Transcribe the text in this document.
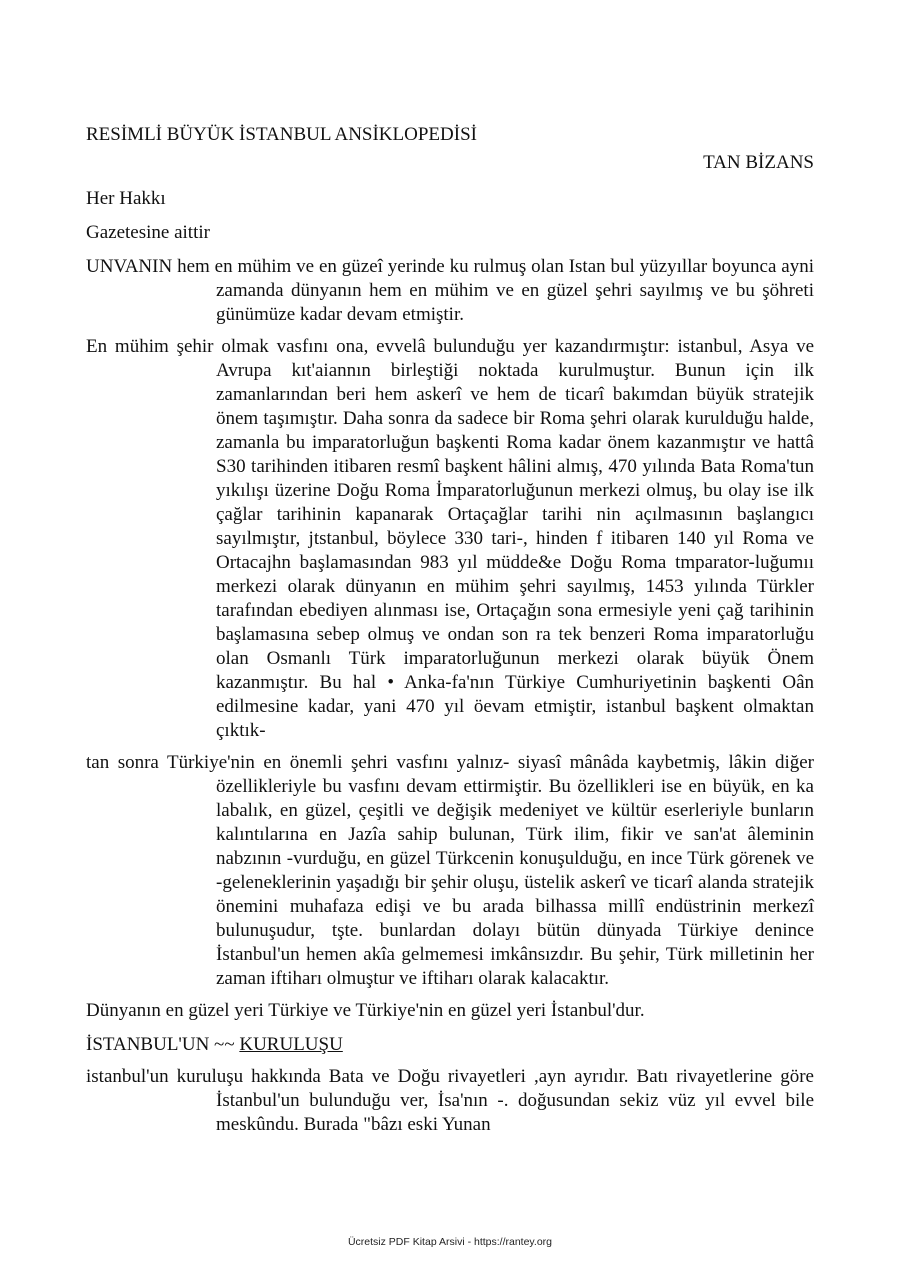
RESİMLİ BÜYÜK İSTANBUL ANSİKLOPEDİSİ

TAN BİZANS

Her Hakkı

Gazetesine aittir

UNVANIN hem en mühim ve en güzeî yerinde ku rulmuş olan Istan bul yüzyıllar boyunca ayni zamanda dünyanın hem en mühim ve en güzel şehri sayılmış ve bu şöhreti günümüze kadar devam etmiştir.

En mühim şehir olmak vasfını ona, evvelâ bulunduğu yer kazandırmıştır: istanbul, Asya ve Avrupa kıt'aiannın birleştiği noktada kurulmuştur. Bunun için ilk zamanlarından beri hem askerî ve hem de ticarî bakımdan büyük stratejik önem taşımıştır. Daha sonra da sadece bir Roma şehri olarak kurulduğu halde, zamanla bu imparatorluğun başkenti Roma kadar önem kazanmıştır ve hattâ S30 tarihinden itibaren resmî başkent hâlini almış, 470 yılında Bata Roma'tun yıkılışı üzerine Doğu Roma İmparatorluğunun merkezi olmuş, bu olay ise ilk çağlar tarihinin kapanarak Ortaçağlar tarihi nin açılmasının başlangıcı sayılmıştır, jtstanbul, böylece 330 tari-, hinden f itibaren 140 yıl Roma ve Ortacajhn başlamasından 983 yıl müdde&e Doğu Roma tmparator-luğumıı merkezi olarak dünyanın en mühim şehri sayılmış, 1453 yılında Türkler tarafından ebediyen alınması ise, Ortaçağın sona ermesiyle yeni çağ tarihinin başlamasına sebep olmuş ve ondan son ra tek benzeri Roma imparatorluğu olan Osmanlı Türk imparatorluğunun merkezi olarak büyük Önem kazanmıştır. Bu hal • Anka-fa'nın Türkiye Cumhuriyetinin başkenti Oân edilmesine kadar, yani 470 yıl öevam etmiştir, istanbul başkent olmaktan çıktık-

tan sonra Türkiye'nin en önemli şehri vasfını yalnız- siyasî mânâda kaybetmiş, lâkin diğer özellikleriyle bu vasfını devam ettirmiştir. Bu özellikleri ise en büyük, en ka labalık, en güzel, çeşitli ve değişik medeniyet ve kültür eserleriyle bunların kalıntılarına en Jazîa sahip bulunan, Türk ilim, fikir ve san'at âleminin nabzının -vurduğu, en güzel Türkcenin konuşulduğu, en ince Türk görenek ve -geleneklerinin yaşadığı bir şehir oluşu, üstelik askerî ve ticarî alanda stratejik önemini muhafaza edişi ve bu arada bilhassa millî endüstrinin merkezî bulunuşudur, tşte. bunlardan dolayı bütün dünyada Türkiye denince İstanbul'un hemen akîa gelmemesi imkânsızdır. Bu şehir, Türk milletinin her zaman iftiharı olmuştur ve iftiharı olarak kalacaktır.

Dünyanın en güzel yeri Türkiye ve Türkiye'nin en güzel yeri İstanbul'dur.

İSTANBUL'UN ~~ KURULUŞU

istanbul'un kuruluşu hakkında Bata ve Doğu rivayetleri ,ayn ayrıdır. Batı rivayetlerine göre İstanbul'un bulunduğu ver, İsa'nın -. doğusundan sekiz vüz yıl evvel bile meskûndu. Burada "bâzı eski Yunan

Ücretsiz PDF Kitap Arsivi - https://rantey.org
